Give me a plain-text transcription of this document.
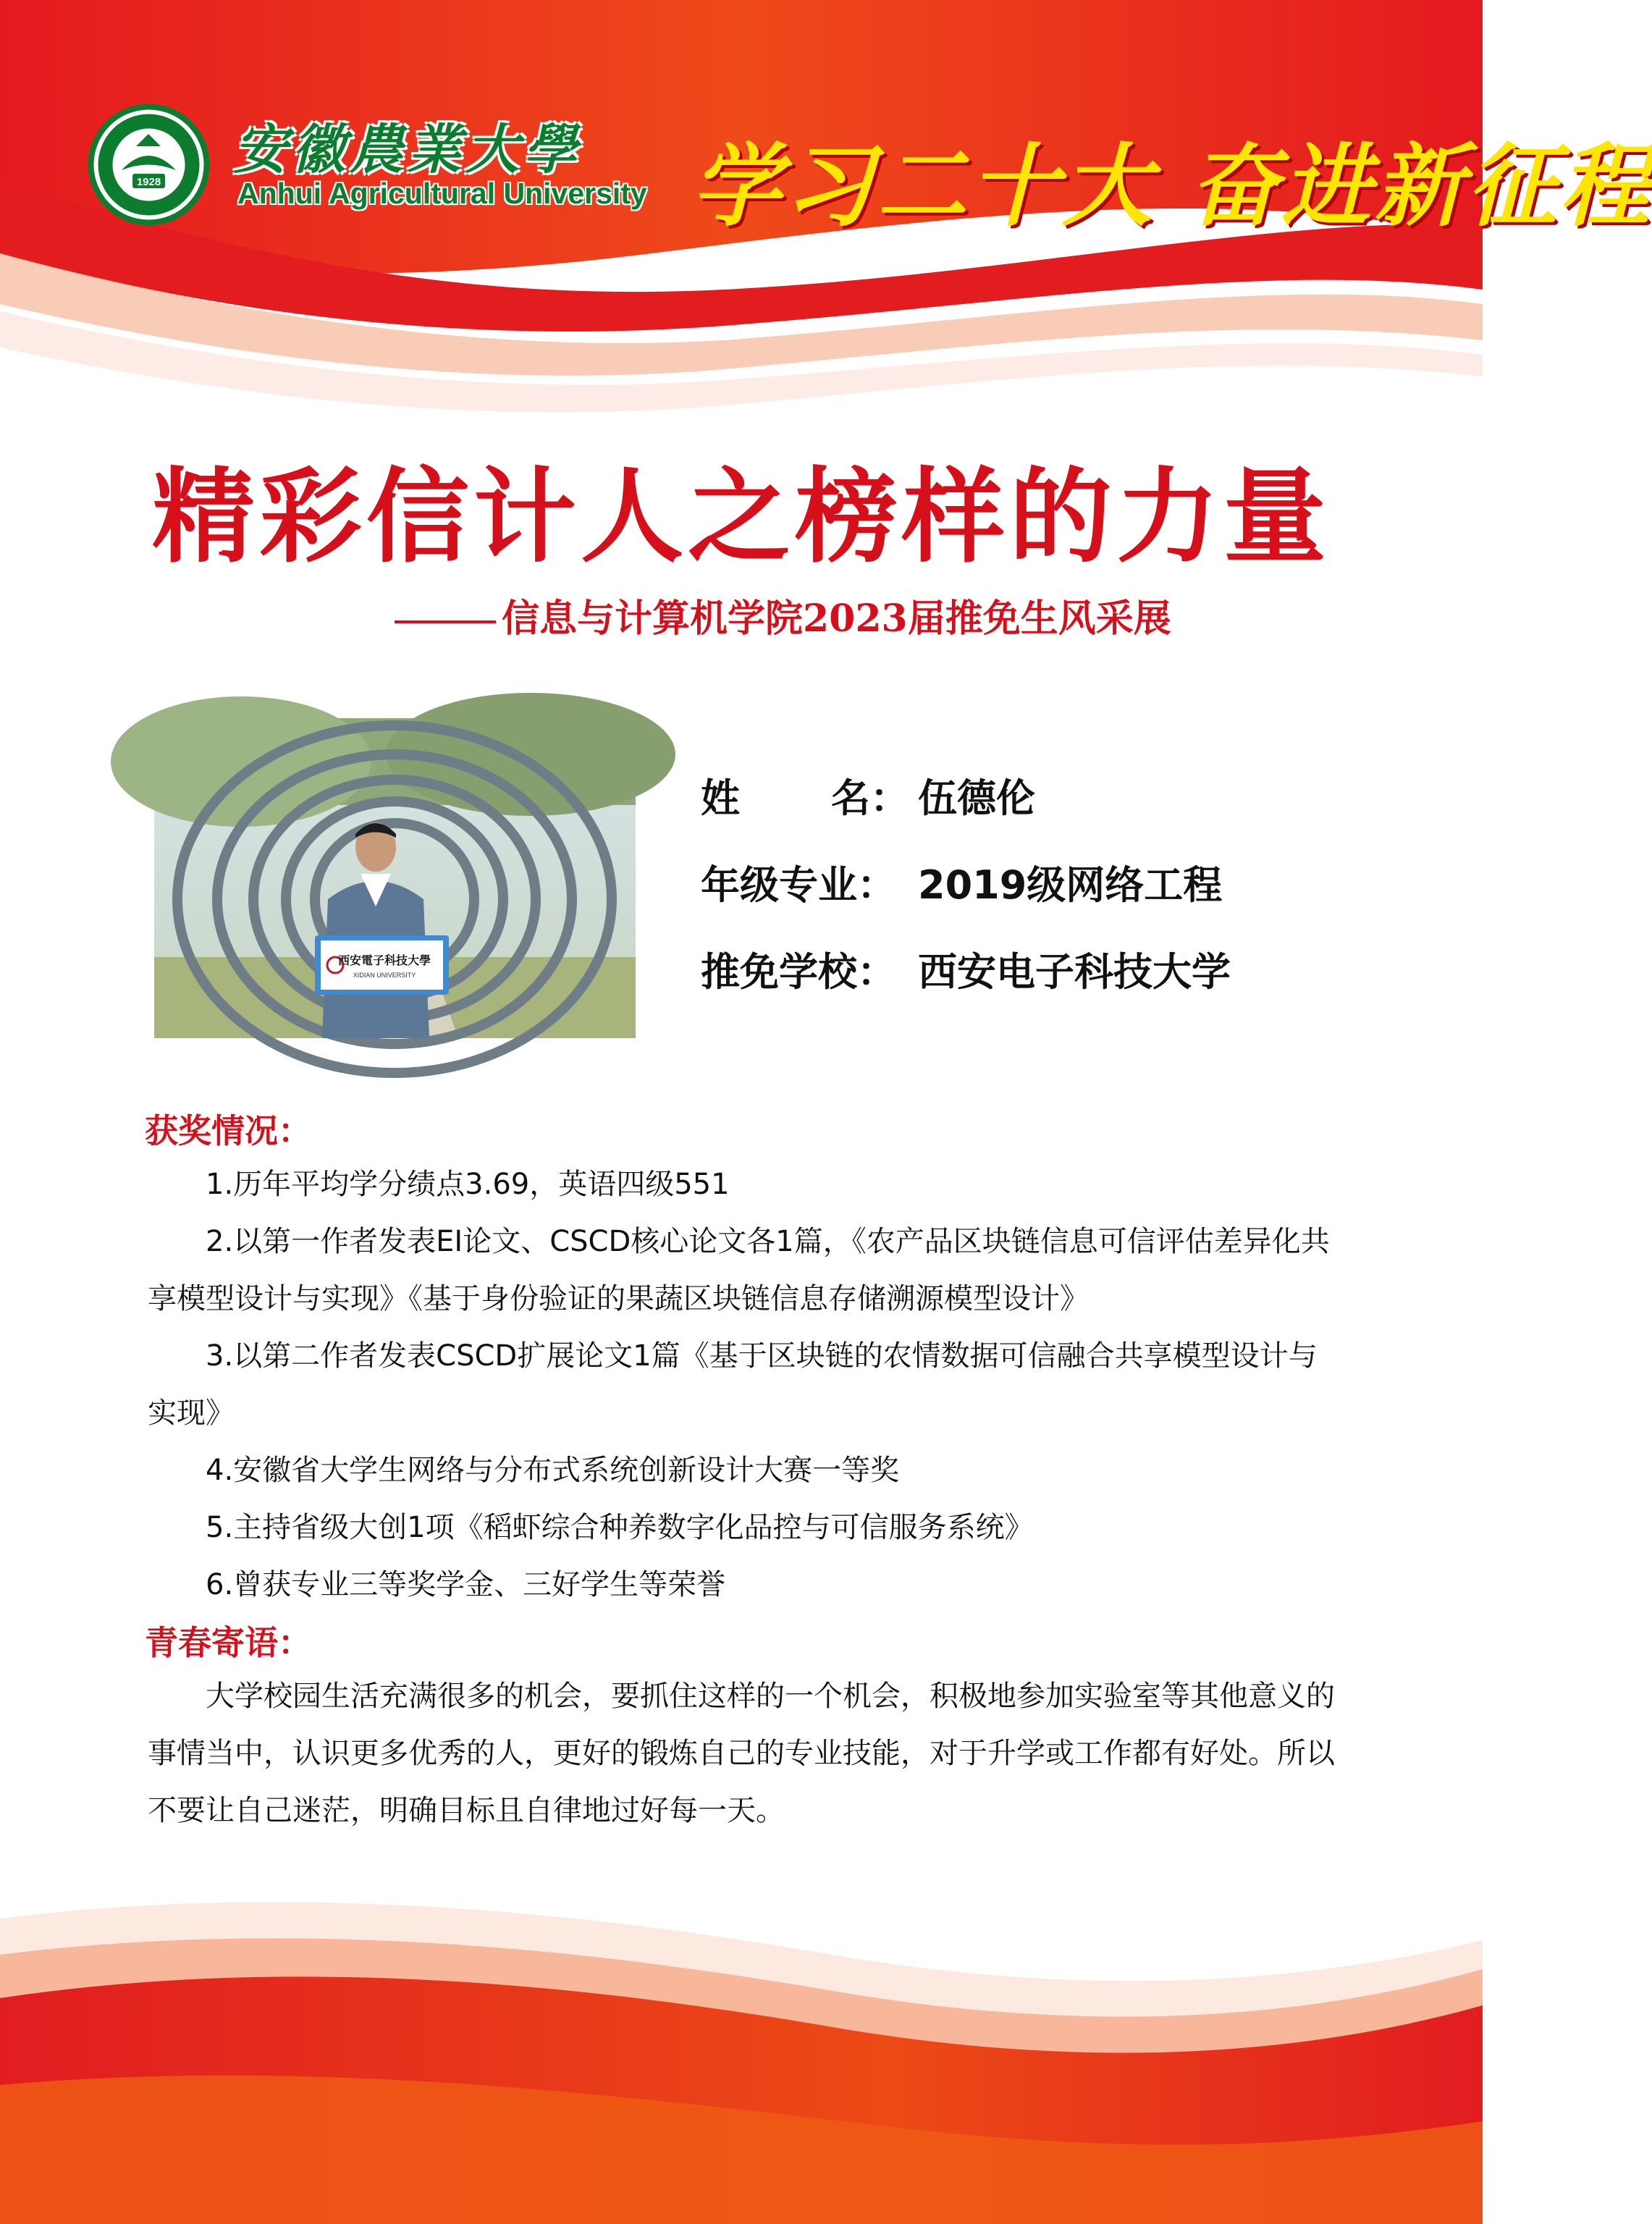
1928
安徽農業大學
Anhui Agricultural University 学习二十大 奋进新征程
精彩信计人之榜样的力量
信息与计算机学院2023届推免生风采展
西安電子科技大學
XIDIAN UNIVERSITY
姓 名： 伍德伦
年级专业： 2019级网络工程
推免学校： 西安电子科技大学
获奖情况：

1.历年平均学分绩点3.69，英语四级551

2.以第一作者发表EI论文、CSCD核心论文各1篇，《农产品区块链信息可信评估差异化共享模型设计与实现》《基于身份验证的果蔬区块链信息存储溯源模型设计》

3.以第二作者发表CSCD扩展论文1篇《基于区块链的农情数据可信融合共享模型设计与实现》

4.安徽省大学生网络与分布式系统创新设计大赛一等奖

5.主持省级大创1项《稻虾综合种养数字化品控与可信服务系统》

6.曾获专业三等奖学金、三好学生等荣誉

青春寄语：

大学校园生活充满很多的机会，要抓住这样的一个机会，积极地参加实验室等其他意义的事情当中，认识更多优秀的人，更好的锻炼自己的专业技能，对于升学或工作都有好处。所以不要让自己迷茫，明确目标且自律地过好每一天。
